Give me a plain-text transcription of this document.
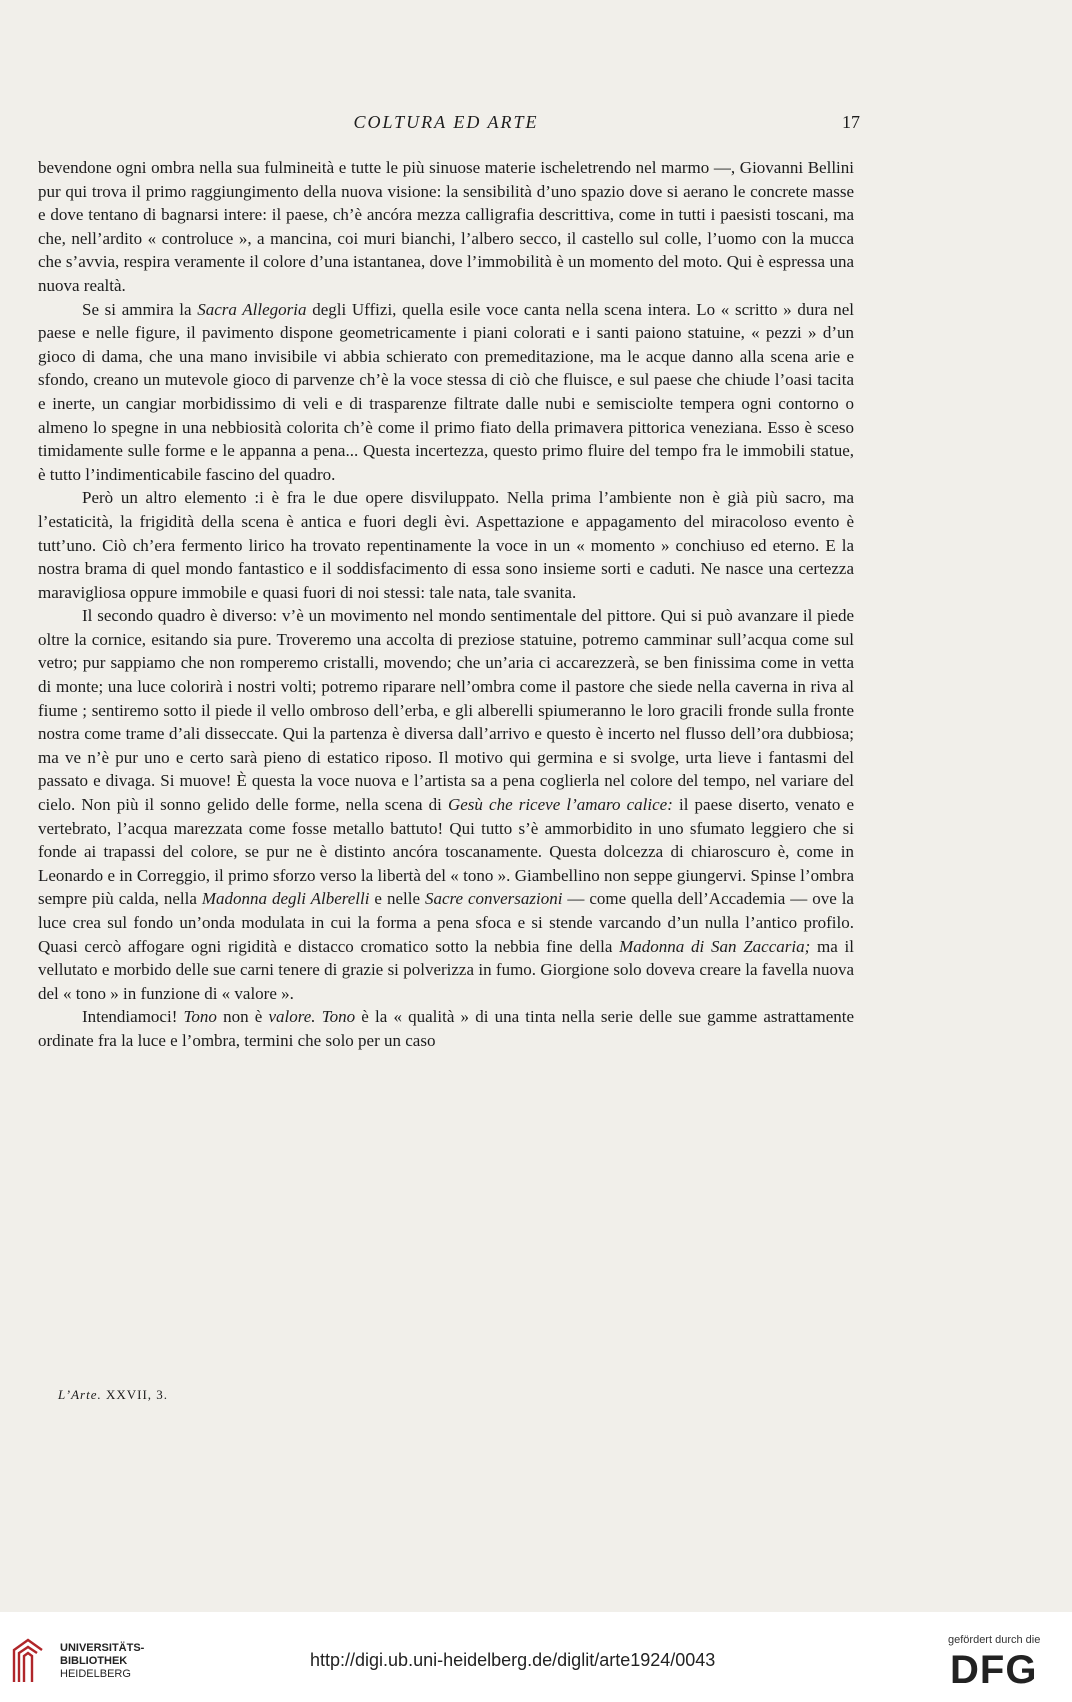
COLTURA ED ARTE	17

bevendone ogni ombra nella sua fulmineità e tutte le più sinuose materie ischeletrendo nel marmo —, Giovanni Bellini pur qui trova il primo raggiungimento della nuova visione: la sensibilità d’uno spazio dove si aerano le concrete masse e dove tentano di bagnarsi intere: il paese, ch’è ancóra mezza calligrafia descrittiva, come in tutti i paesisti toscani, ma che, nell’ardito « controluce », a mancina, coi muri bianchi, l’albero secco, il castello sul colle, l’uomo con la mucca che s’avvia, respira veramente il colore d’una istantanea, dove l’immobilità è un momento del moto. Qui è espressa una nuova realtà.

Se si ammira la Sacra Allegoria degli Uffizi, quella esile voce canta nella scena intera. Lo « scritto » dura nel paese e nelle figure, il pavimento dispone geometricamente i piani colorati e i santi paiono statuine, « pezzi » d’un gioco di dama, che una mano invisibile vi abbia schierato con premeditazione, ma le acque danno alla scena arie e sfondo, creano un mutevole gioco di parvenze ch’è la voce stessa di ciò che fluisce, e sul paese che chiude l’oasi tacita e inerte, un cangiar morbidissimo di veli e di trasparenze filtrate dalle nubi e semisciolte tempera ogni contorno o almeno lo spegne in una nebbiosità colorita ch’è come il primo fiato della primavera pittorica veneziana. Esso è sceso timidamente sulle forme e le appanna a pena... Questa incertezza, questo primo fluire del tempo fra le immobili statue, è tutto l’indimenticabile fascino del quadro.

Però un altro elemento :i è fra le due opere disviluppato. Nella prima l’ambiente non è già più sacro, ma l’estaticità, la frigidità della scena è antica e fuori degli èvi. Aspettazione e appagamento del miracoloso evento è tutt’uno. Ciò ch’era fermento lirico ha trovato repentinamente la voce in un « momento » conchiuso ed eterno. E la nostra brama di quel mondo fantastico e il soddisfacimento di essa sono insieme sorti e caduti. Ne nasce una certezza maravigliosa oppure immobile e quasi fuori di noi stessi: tale nata, tale svanita.

Il secondo quadro è diverso: v’è un movimento nel mondo sentimentale del pittore. Qui si può avanzare il piede oltre la cornice, esitando sia pure. Troveremo una accolta di preziose statuine, potremo camminar sull’acqua come sul vetro; pur sappiamo che non romperemo cristalli, movendo; che un’aria ci accarezzerà, se ben finissima come in vetta di monte; una luce colorirà i nostri volti; potremo riparare nell’ombra come il pastore che siede nella caverna in riva al fiume ; sentiremo sotto il piede il vello ombroso dell’erba, e gli alberelli spiumeranno le loro gracili fronde sulla fronte nostra come trame d’ali disseccate. Qui la partenza è diversa dall’arrivo e questo è incerto nel flusso dell’ora dubbiosa; ma ve n’è pur uno e certo sarà pieno di estatico riposo. Il motivo qui germina e si svolge, urta lieve i fantasmi del passato e divaga. Si muove! È questa la voce nuova e l’artista sa a pena coglierla nel colore del tempo, nel variare del cielo. Non più il sonno gelido delle forme, nella scena di Gesù che riceve l’amaro calice: il paese diserto, venato e vertebrato, l’acqua marezzata come fosse metallo battuto! Qui tutto s’è ammorbidito in uno sfumato leggiero che si fonde ai trapassi del colore, se pur ne è distinto ancóra toscanamente. Questa dolcezza di chiaroscuro è, come in Leonardo e in Correggio, il primo sforzo verso la libertà del « tono ». Giambellino non seppe giungervi. Spinse l’ombra sempre più calda, nella Madonna degli Alberelli e nelle Sacre conversazioni — come quella dell’Accademia — ove la luce crea sul fondo un’onda modulata in cui la forma a pena sfoca e si stende varcando d’un nulla l’antico profilo. Quasi cercò affogare ogni rigidità e distacco cromatico sotto la nebbia fine della Madonna di San Zaccaria; ma il vellutato e morbido delle sue carni tenere di grazie si polverizza in fumo. Giorgione solo doveva creare la favella nuova del « tono » in funzione di « valore ».

Intendiamoci! Tono non è valore. Tono è la « qualità » di una tinta nella serie delle sue gamme astrattamente ordinate fra la luce e l’ombra, termini che solo per un caso

L’Arte. XXVII, 3.
UNIVERSITÄTS-
BIBLIOTHEK
HEIDELBERG
http://digi.ub.uni-heidelberg.de/diglit/arte1924/0043
gefördert durch die
DFG
